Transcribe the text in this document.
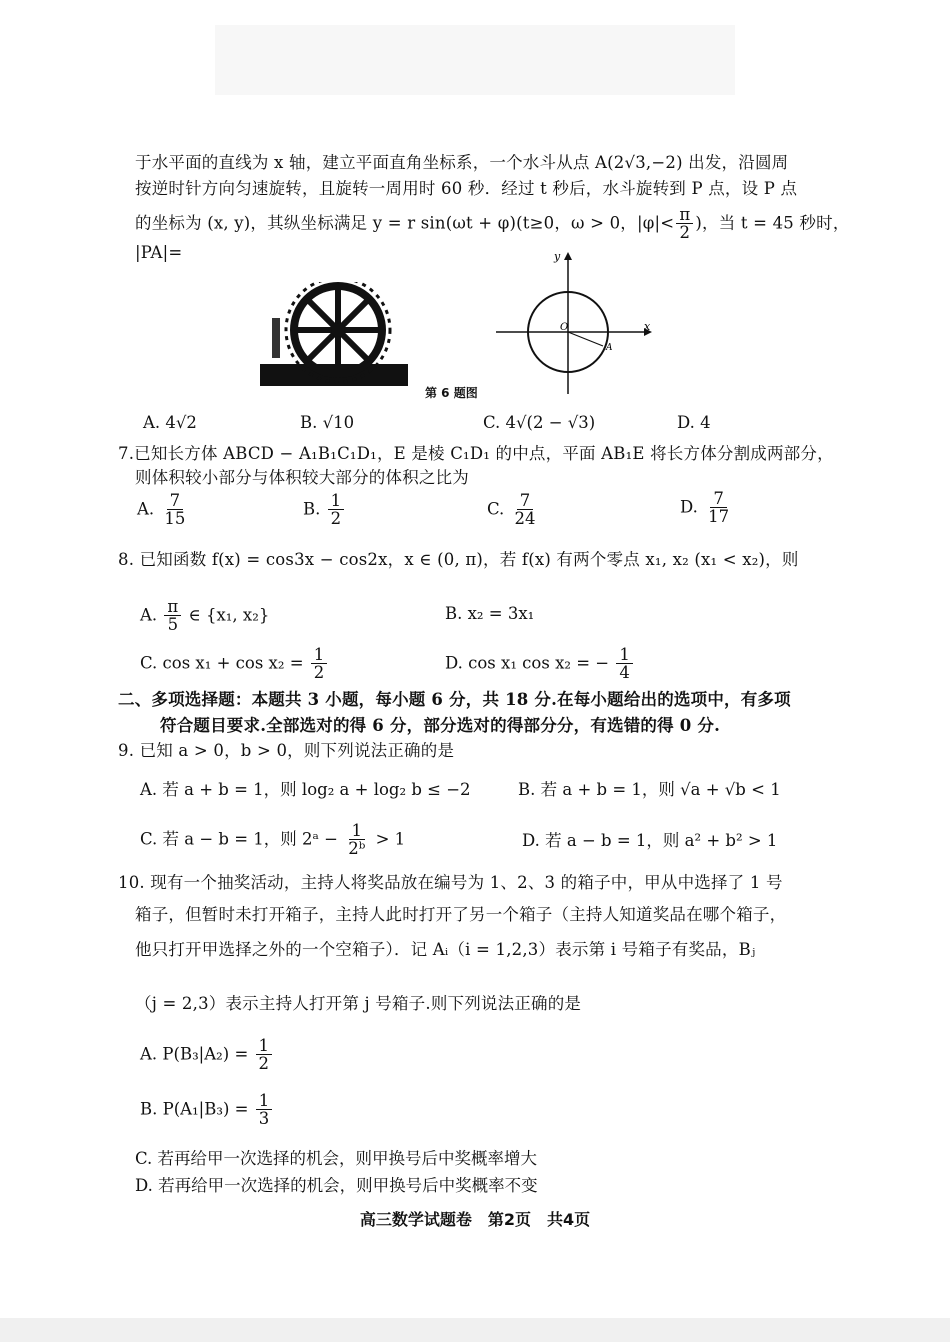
于水平面的直线为 x 轴，建立平面直角坐标系，一个水斗从点 A(2√3,−2) 出发，沿圆周
按逆时针方向匀速旋转，且旋转一周用时 60 秒．经过 t 秒后，水斗旋转到 P 点，设 P 点
的坐标为 (x, y)，其纵坐标满足 y = r sin(ωt + φ)(t≥0，ω > 0，$|\varphi|< \frac{\pi}{2}$ )，当 t = 45 秒时，
|PA|=
第 6 题图
y
x
O
A
A. 4√2	B. √10	C. 4√(2 − √3)	D. 4
7.已知长方体 ABCD − A₁B₁C₁D₁，E 是棱 C₁D₁ 的中点，平面 AB₁E 将长方体分割成两部分，
则体积较小部分与体积较大部分的体积之比为
A. $\frac{7}{15}$	B. $\frac{1}{2}$	C. $\frac{7}{24}$	D. $\frac{7}{17}$
8. 已知函数 f(x) = cos3x − cos2x，x ∈ (0, π)，若 f(x) 有两个零点 x₁, x₂ (x₁ < x₂)，则
A. $\frac{\pi}{5}$ ∈ {x₁, x₂}	B. x₂ = 3x₁
C. $\cos x_1 + \cos x_2 = \frac{1}{2}$	D. cos x₁ cos x₂ = − $\frac{1}{4}$
二、多项选择题：本题共 3 小题，每小题 6 分，共 18 分.在每小题给出的选项中，有多项
符合题目要求.全部选对的得 6 分，部分选对的得部分分，有选错的得 0 分.
9. 已知 a > 0，b > 0，则下列说法正确的是
A. 若 a + b = 1，则 log₂ a + log₂ b ≤ −2	B. 若 a + b = 1，则 √a + √b < 1
C. 若 a − b = 1，则 2ᵃ − $\frac{1}{\text{2ᵇ}} > 1$	D. 若 a − b = 1，则 a² + b² > 1
10. 现有一个抽奖活动，主持人将奖品放在编号为 1、2、3 的箱子中，甲从中选择了 1 号
箱子，但暂时未打开箱子，主持人此时打开了另一个箱子（主持人知道奖品在哪个箱子，
他只打开甲选择之外的一个空箱子）．记 Aᵢ（i = 1,2,3）表示第 i 号箱子有奖品，Bⱼ
（j = 2,3）表示主持人打开第 j 号箱子.则下列说法正确的是
A. $P(B_3|A_2) = \frac{1}{2}$
B. $P(A_1|B_3) = \frac{1}{3}$
C. 若再给甲一次选择的机会，则甲换号后中奖概率增大
D. 若再给甲一次选择的机会，则甲换号后中奖概率不变
高三数学试题卷　第2页　共4页
